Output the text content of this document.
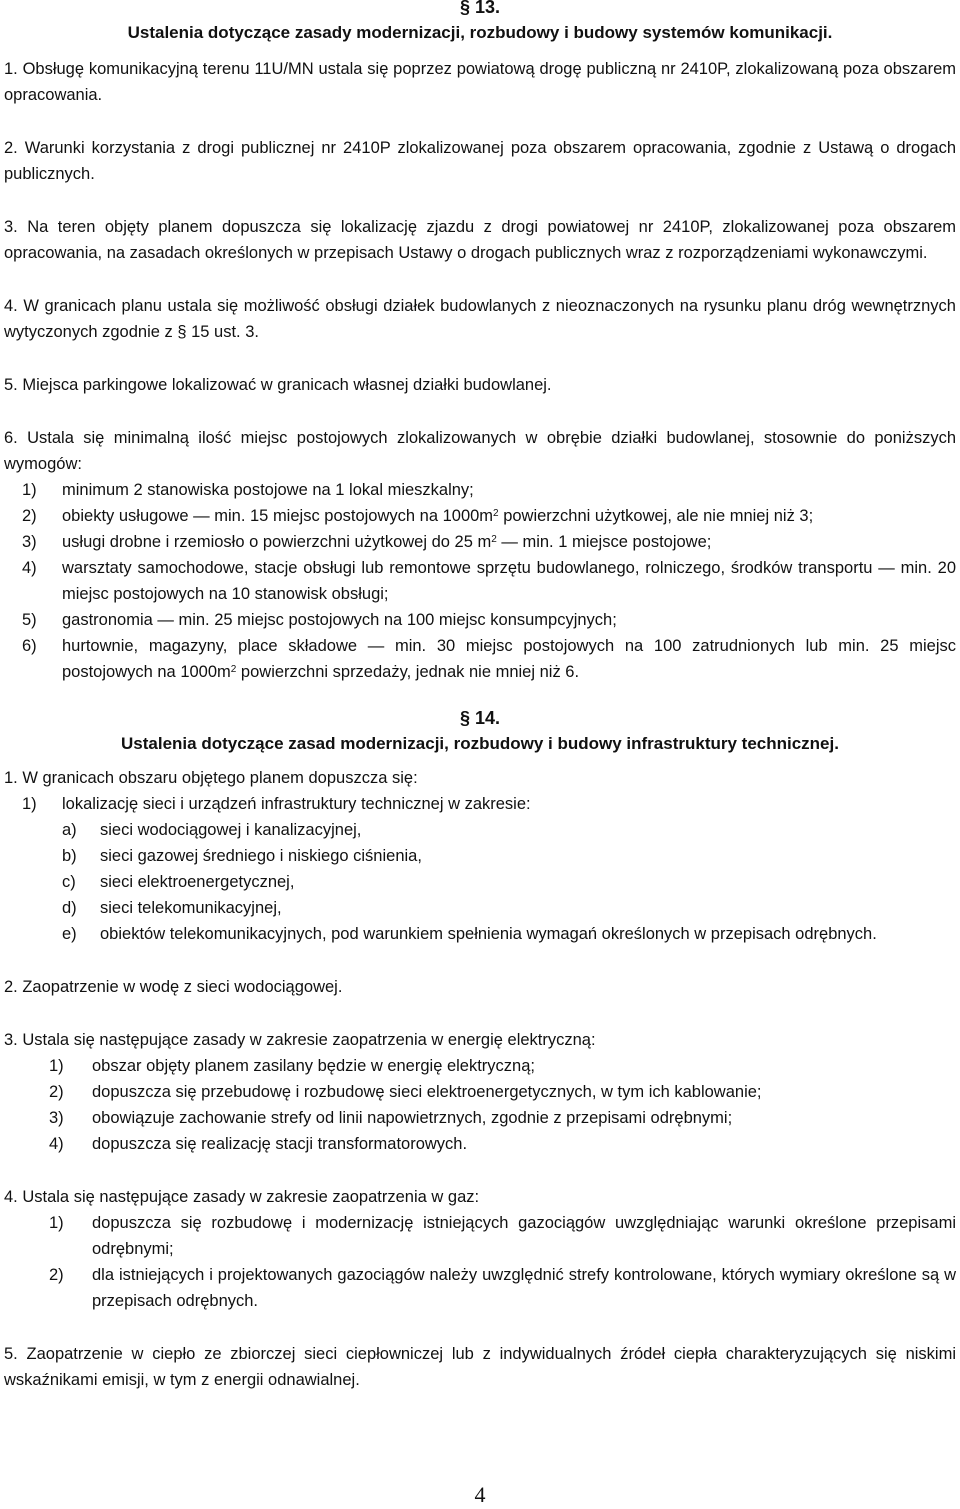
§ 13.
Ustalenia dotyczące zasady modernizacji, rozbudowy i budowy systemów komunikacji.

1. Obsługę komunikacyjną terenu 11U/MN ustala się poprzez powiatową drogę publiczną nr 2410P, zlokalizowaną poza obszarem opracowania.

2. Warunki korzystania z drogi publicznej nr 2410P zlokalizowanej poza obszarem opracowania, zgodnie z Ustawą o drogach publicznych.

3. Na teren objęty planem dopuszcza się lokalizację zjazdu z drogi powiatowej nr 2410P, zlokalizowanej poza obszarem opracowania, na zasadach określonych w przepisach Ustawy o drogach publicznych wraz z rozporządzeniami wykonawczymi.

4. W granicach planu ustala się możliwość obsługi działek budowlanych z nieoznaczonych na rysunku planu dróg wewnętrznych wytyczonych zgodnie z § 15 ust. 3.

5. Miejsca parkingowe lokalizować w granicach własnej działki budowlanej.

6. Ustala się minimalną ilość miejsc postojowych zlokalizowanych w obrębie działki budowlanej, stosownie do poniższych wymogów:

1)	minimum 2 stanowiska postojowe na 1 lokal mieszkalny;
2)	obiekty usługowe — min. 15 miejsc postojowych na $1000m^2$ powierzchni użytkowej, ale nie mniej niż 3;
3)	usługi drobne i rzemiosło o powierzchni użytkowej do 25 $m^2$ — min. 1 miejsce postojowe;
4)	warsztaty samochodowe, stacje obsługi lub remontowe sprzętu budowlanego, rolniczego, środków transportu — min. 20 miejsc postojowych na 10 stanowisk obsługi;
5)	gastronomia — min. 25 miejsc postojowych na 100 miejsc konsumpcyjnych;
6)	hurtownie, magazyny, place składowe — min. 30 miejsc postojowych na 100 zatrudnionych lub min. 25 miejsc postojowych na $1000m^2$ powierzchni sprzedaży, jednak nie mniej niż 6.
§ 14.
Ustalenia dotyczące zasad modernizacji, rozbudowy i budowy infrastruktury technicznej.

1. W granicach obszaru objętego planem dopuszcza się:

1)	lokalizację sieci i urządzeń infrastruktury technicznej w zakresie:
a)	sieci wodociągowej i kanalizacyjnej,
b)	sieci gazowej średniego i niskiego ciśnienia,
c)	sieci elektroenergetycznej,
d)	sieci telekomunikacyjnej,
e)	obiektów telekomunikacyjnych, pod warunkiem spełnienia wymagań określonych w przepisach odrębnych.

2. Zaopatrzenie w wodę z sieci wodociągowej.

3. Ustala się następujące zasady w zakresie zaopatrzenia w energię elektryczną:

1)	obszar objęty planem zasilany będzie w energię elektryczną;
2)	dopuszcza się przebudowę i rozbudowę sieci elektroenergetycznych, w tym ich kablowanie;
3)	obowiązuje zachowanie strefy od linii napowietrznych, zgodnie z przepisami odrębnymi;
4)	dopuszcza się realizację stacji transformatorowych.

4. Ustala się następujące zasady w zakresie zaopatrzenia w gaz:

1)	dopuszcza się rozbudowę i modernizację istniejących gazociągów uwzględniając warunki określone przepisami odrębnymi;
2)	dla istniejących i projektowanych gazociągów należy uwzględnić strefy kontrolowane, których wymiary określone są w przepisach odrębnych.

5. Zaopatrzenie w ciepło ze zbiorczej sieci ciepłowniczej lub z indywidualnych źródeł ciepła charakteryzujących się niskimi wskaźnikami emisji, w tym z energii odnawialnej.

4
